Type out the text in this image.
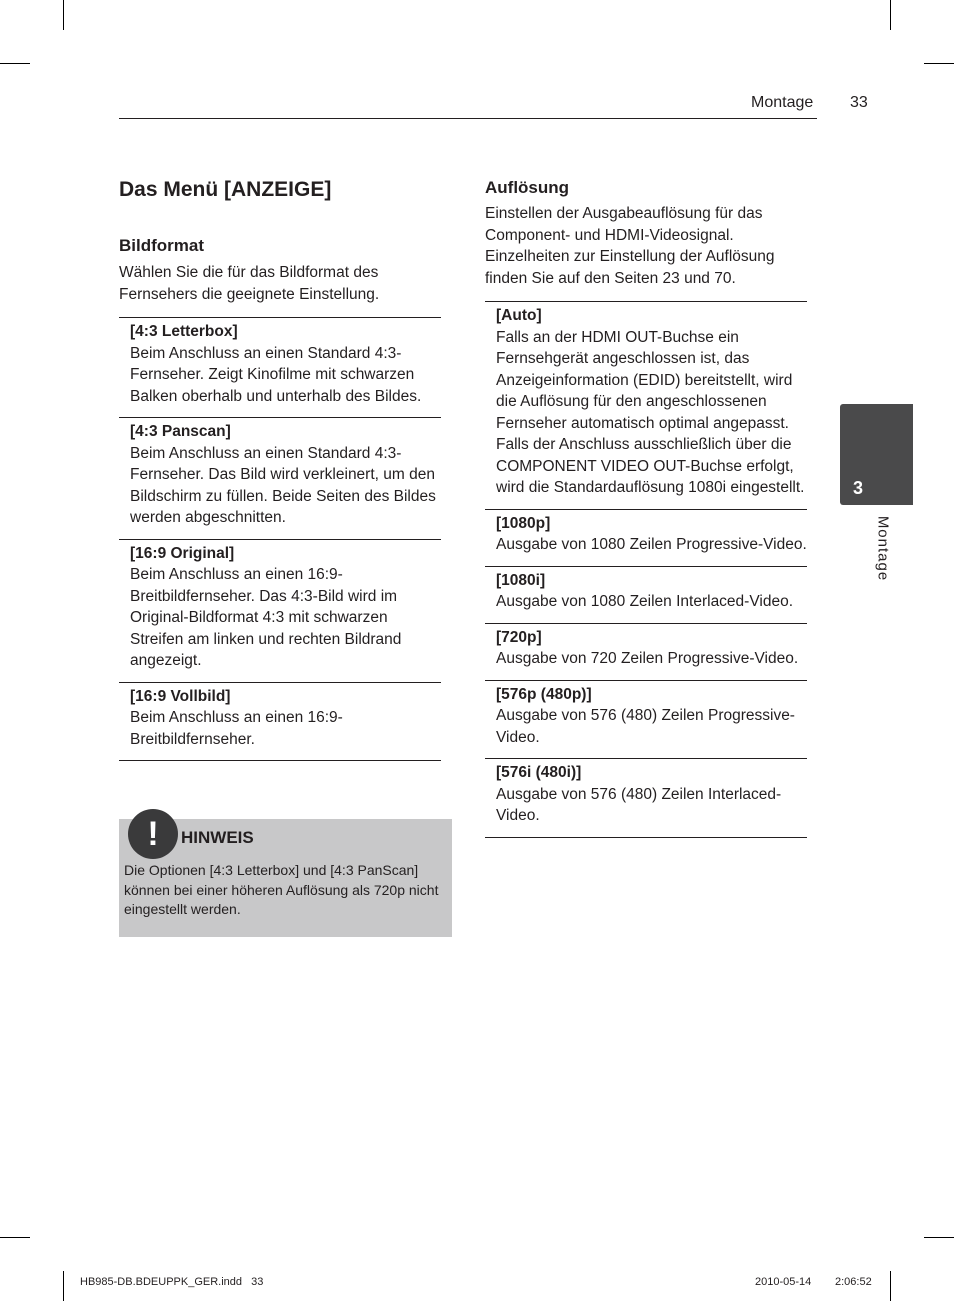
Montage 33
Das Menü [ANZEIGE]
Bildformat

Wählen Sie die für das Bildformat des Fernsehers die geeignete Einstellung.

[4:3 Letterbox]
Beim Anschluss an einen Standard 4:3-Fernseher. Zeigt Kinofilme mit schwarzen Balken oberhalb und unterhalb des Bildes.
[4:3 Panscan]
Beim Anschluss an einen Standard 4:3-Fernseher. Das Bild wird verkleinert, um den Bildschirm zu füllen. Beide Seiten des Bildes werden abgeschnitten.
[16:9 Original]
Beim Anschluss an einen 16:9-Breitbildfernseher. Das 4:3-Bild wird im Original-Bildformat 4:3 mit schwarzen Streifen am linken und rechten Bildrand angezeigt.
[16:9 Vollbild]
Beim Anschluss an einen 16:9-Breitbildfernseher.
!	HINWEIS
Die Optionen [4:3 Letterbox] und [4:3 PanScan] können bei einer höheren Auflösung als 720p nicht eingestellt werden.
Auflösung

Einstellen der Ausgabeauflösung für das Component- und HDMI-Videosignal. Einzelheiten zur Einstellung der Auflösung finden Sie auf den Seiten 23 und 70.

[Auto]
Falls an der HDMI OUT-Buchse ein Fernsehgerät angeschlossen ist, das Anzeigeinformation (EDID) bereitstellt, wird die Auflösung für den angeschlossenen Fernseher automatisch optimal angepasst. Falls der Anschluss ausschließlich über die COMPONENT VIDEO OUT-Buchse erfolgt, wird die Standardauflösung 1080i eingestellt.
[1080p]
Ausgabe von 1080 Zeilen Progressive-Video.
[1080i]
Ausgabe von 1080 Zeilen Interlaced-Video.
[720p]
Ausgabe von 720 Zeilen Progressive-Video.
[576p (480p)]
Ausgabe von 576 (480) Zeilen Progressive-Video.
[576i (480i)]
Ausgabe von 576 (480) Zeilen Interlaced-Video.
3
Montage
HB985-DB.BDEUPPK_GER.indd   33	2010-05-14 2:06:52
